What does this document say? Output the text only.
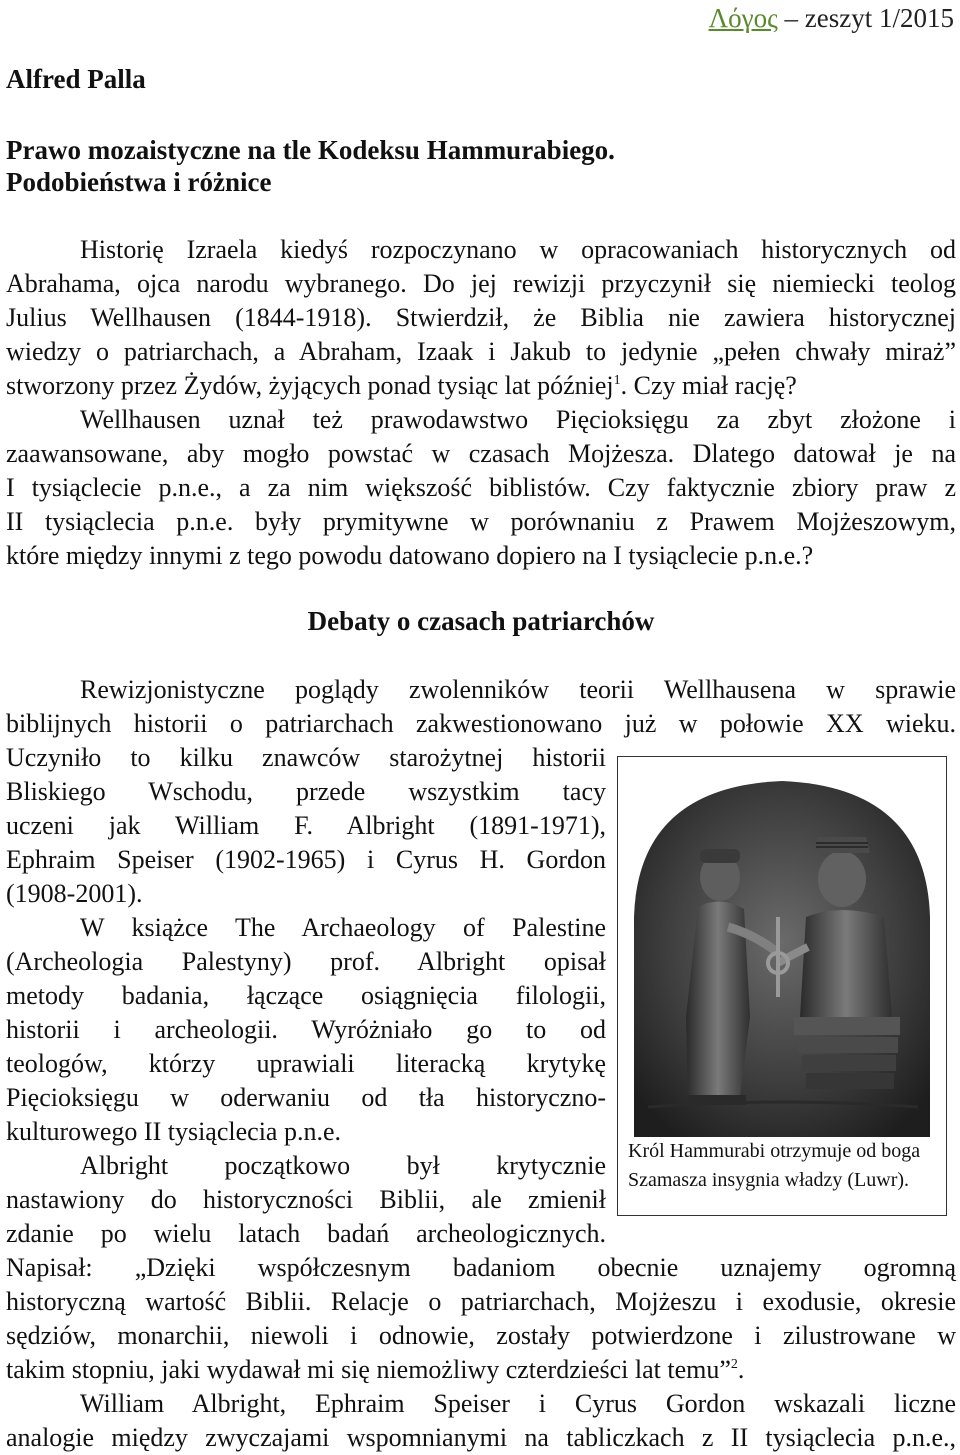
Λόγος – zeszyt 1/2015
Alfred Palla
Prawo mozaistyczne na tle Kodeksu Hammurabiego.
Podobieństwa i różnice
Historię Izraela kiedyś rozpoczynano w opracowaniach historycznych od
Abrahama, ojca narodu wybranego. Do jej rewizji przyczynił się niemiecki teolog
Julius Wellhausen (1844-1918). Stwierdził, że Biblia nie zawiera historycznej
wiedzy o patriarchach, a Abraham, Izaak i Jakub to jedynie „pełen chwały miraż”
stworzony przez Żydów, żyjących ponad tysiąc lat później$^1$. Czy miał rację?
Wellhausen uznał też prawodawstwo Pięcioksięgu za zbyt złożone i
zaawansowane, aby mogło powstać w czasach Mojżesza. Dlatego datował je na
I tysiąclecie p.n.e., a za nim większość biblistów. Czy faktycznie zbiory praw z
II tysiąclecia p.n.e. były prymitywne w porównaniu z Prawem Mojżeszowym,
które między innymi z tego powodu datowano dopiero na I tysiąclecie p.n.e.?
Debaty o czasach patriarchów
Rewizjonistyczne poglądy zwolenników teorii Wellhausena w sprawie
biblijnych historii o patriarchach zakwestionowano już w połowie XX wieku.
Uczyniło to kilku znawców starożytnej historii
Bliskiego Wschodu, przede wszystkim tacy
uczeni jak William F. Albright (1891-1971),
Ephraim Speiser (1902-1965) i Cyrus H. Gordon
(1908-2001).
W książce The Archaeology of Palestine
(Archeologia Palestyny) prof. Albright opisał
metody badania, łączące osiągnięcia filologii,
historii i archeologii. Wyróżniało go to od
teologów, którzy uprawiali literacką krytykę
Pięcioksięgu w oderwaniu od tła historyczno-
kulturowego II tysiąclecia p.n.e.
Albright początkowo był krytycznie
nastawiony do historyczności Biblii, ale zmienił
zdanie po wielu latach badań archeologicznych.
Napisał: „Dzięki współczesnym badaniom obecnie uznajemy ogromną
historyczną wartość Biblii. Relacje o patriarchach, Mojżeszu i exodusie, okresie
sędziów, monarchii, niewoli i odnowie, zostały potwierdzone i zilustrowane w
takim stopniu, jaki wydawał mi się niemożliwy czterdzieści lat temu”$^2$.
William Albright, Ephraim Speiser i Cyrus Gordon wskazali liczne
analogie między zwyczajami wspomnianymi na tabliczkach z II tysiąclecia p.n.e.,
Król Hammurabi otrzymuje od boga Szamasza insygnia władzy (Luwr).
